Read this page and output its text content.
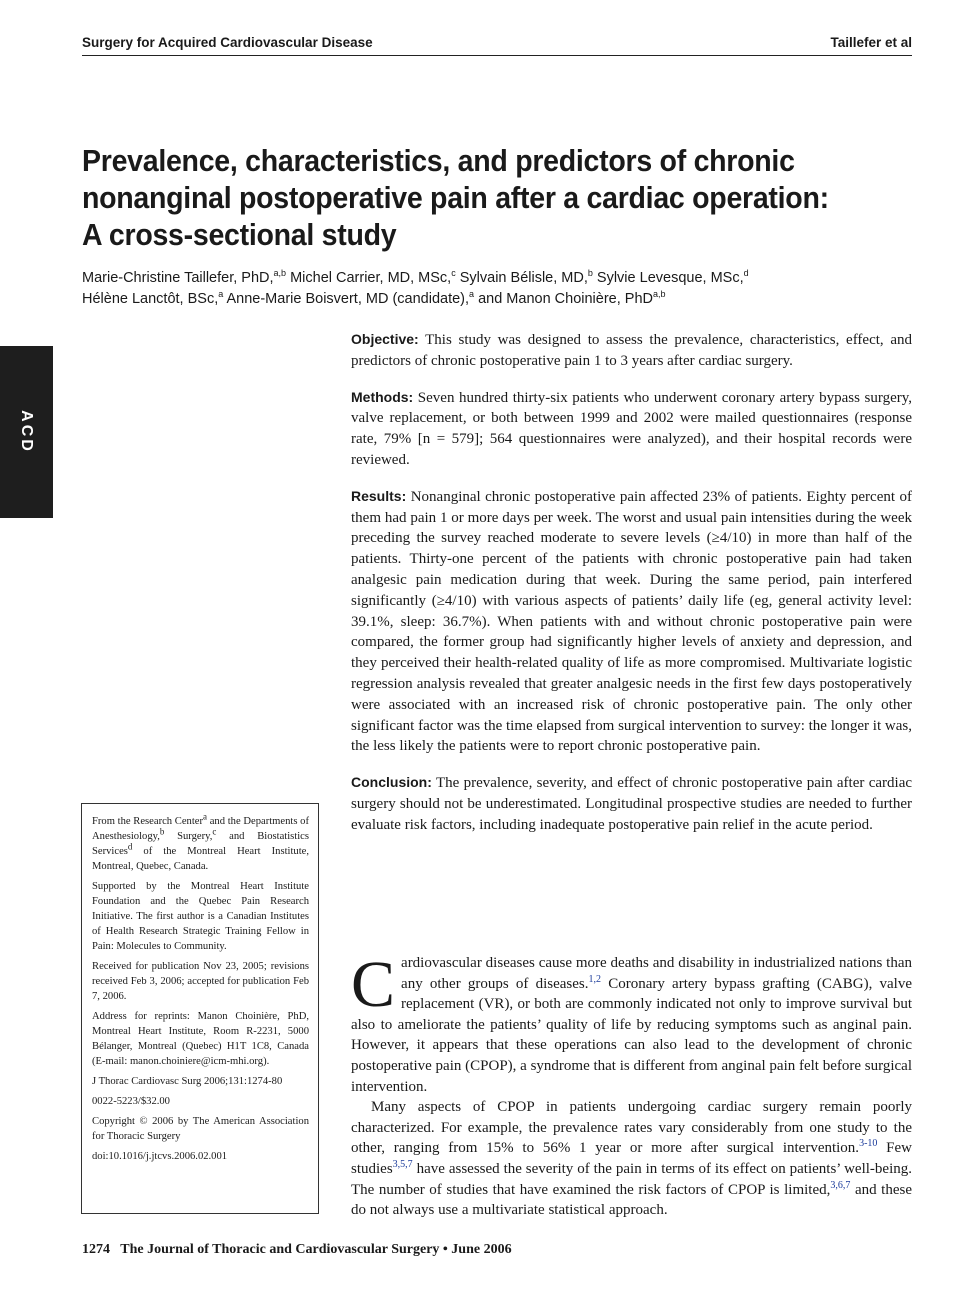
Surgery for Acquired Cardiovascular Disease	Taillefer et al
Prevalence, characteristics, and predictors of chronic nonanginal postoperative pain after a cardiac operation: A cross-sectional study
Marie-Christine Taillefer, PhD,$^{a,b}$ Michel Carrier, MD, MSc,$^c$ Sylvain Bélisle, MD,$^b$ Sylvie Levesque, MSc,$^d$
Hélène Lanctôt, BSc,$^a$ Anne-Marie Boisvert, MD (candidate),$^a$ and Manon Choinière, PhD$^{a,b}$
ACD

Objective: This study was designed to assess the prevalence, characteristics, effect, and predictors of chronic postoperative pain 1 to 3 years after cardiac surgery.

Methods: Seven hundred thirty-six patients who underwent coronary artery bypass surgery, valve replacement, or both between 1999 and 2002 were mailed questionnaires (response rate, 79% [n = 579]; 564 questionnaires were analyzed), and their hospital records were reviewed.

Results: Nonanginal chronic postoperative pain affected 23% of patients. Eighty percent of them had pain 1 or more days per week. The worst and usual pain intensities during the week preceding the survey reached moderate to severe levels (≥4/10) in more than half of the patients. Thirty-one percent of the patients with chronic postoperative pain had taken analgesic pain medication during that week. During the same period, pain interfered significantly (≥4/10) with various aspects of patients’ daily life (eg, general activity level: 39.1%, sleep: 36.7%). When patients with and without chronic postoperative pain were compared, the former group had significantly higher levels of anxiety and depression, and they perceived their health-related quality of life as more compromised. Multivariate logistic regression analysis revealed that greater analgesic needs in the first few days postoperatively were associated with an increased risk of chronic postoperative pain. The only other significant factor was the time elapsed from surgical intervention to survey: the longer it was, the less likely the patients were to report chronic postoperative pain.

Conclusion: The prevalence, severity, and effect of chronic postoperative pain after cardiac surgery should not be underestimated. Longitudinal prospective studies are needed to further evaluate risk factors, including inadequate postoperative pain relief in the acute period.

From the Research Center$^a$ and the Departments of Anesthesiology,$^b$ Surgery,$^c$ and Biostatistics Services$^d$ of the Montreal Heart Institute, Montreal, Quebec, Canada.

Supported by the Montreal Heart Institute Foundation and the Quebec Pain Research Initiative. The first author is a Canadian Institutes of Health Research Strategic Training Fellow in Pain: Molecules to Community.

Received for publication Nov 23, 2005; revisions received Feb 3, 2006; accepted for publication Feb 7, 2006.

Address for reprints: Manon Choinière, PhD, Montreal Heart Institute, Room R-2231, 5000 Bélanger, Montreal (Quebec) H1T 1C8, Canada (E-mail: manon.choiniere@icm-mhi.org).

J Thorac Cardiovasc Surg 2006;131:1274-80

0022-5223/$32.00

Copyright © 2006 by The American Association for Thoracic Surgery

doi:10.1016/j.jtcvs.2006.02.001

Cardiovascular diseases cause more deaths and disability in industrialized nations than any other groups of diseases.$^{1,2}$ Coronary artery bypass grafting (CABG), valve replacement (VR), or both are commonly indicated not only to improve survival but also to ameliorate the patients’ quality of life by reducing symptoms such as anginal pain. However, it appears that these operations can also lead to the development of chronic postoperative pain (CPOP), a syndrome that is different from anginal pain felt before surgical intervention.

Many aspects of CPOP in patients undergoing cardiac surgery remain poorly characterized. For example, the prevalence rates vary considerably from one study to the other, ranging from 15% to 56% 1 year or more after surgical intervention.$^{3-10}$ Few studies$^{3,5,7}$ have assessed the severity of the pain in terms of its effect on patients’ well-being. The number of studies that have examined the risk factors of CPOP is limited,$^{3,6,7}$ and these do not always use a multivariate statistical approach.

1274   The Journal of Thoracic and Cardiovascular Surgery • June 2006
